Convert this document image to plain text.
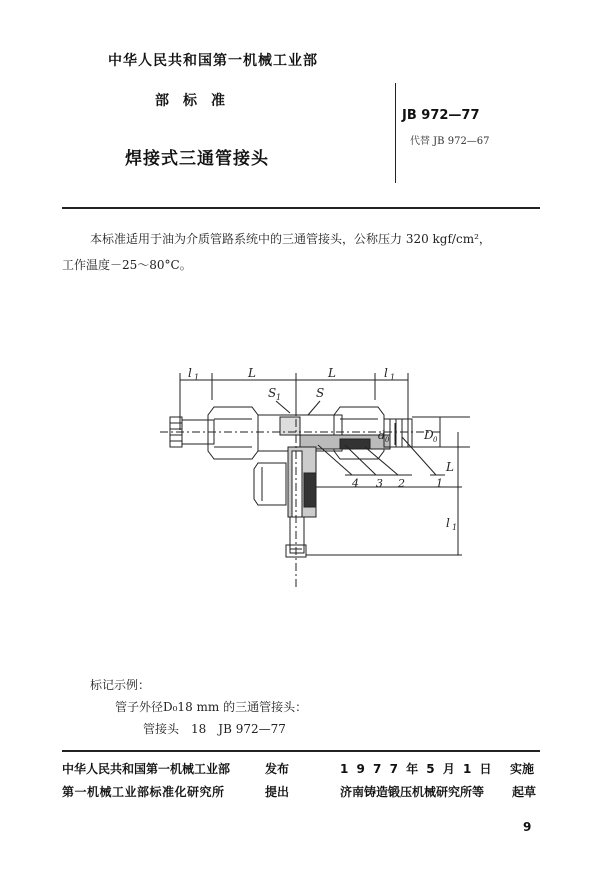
中华人民共和国第一机械工业部
部　标　准
焊接式三通管接头
JB 972—77
代替 JB 972—67
本标准适用于油为介质管路系统中的三通管接头，公称压力 320 kgf/cm²，
工作温度－25～80°C。
l 1	L	L	l 1
S 1	S
d 0	D 0
L
l 1
4 3 2	1
标记示例：
管子外径D₀18 mm 的三通管接头：
管接头　18　JB 972—77
中华人民共和国第一机械工业部	发布	1 9 7 7 年 5 月 1 日 实施
第一机械工业部标准化研究所	提出	济南铸造锻压机械研究所等 起草
9
